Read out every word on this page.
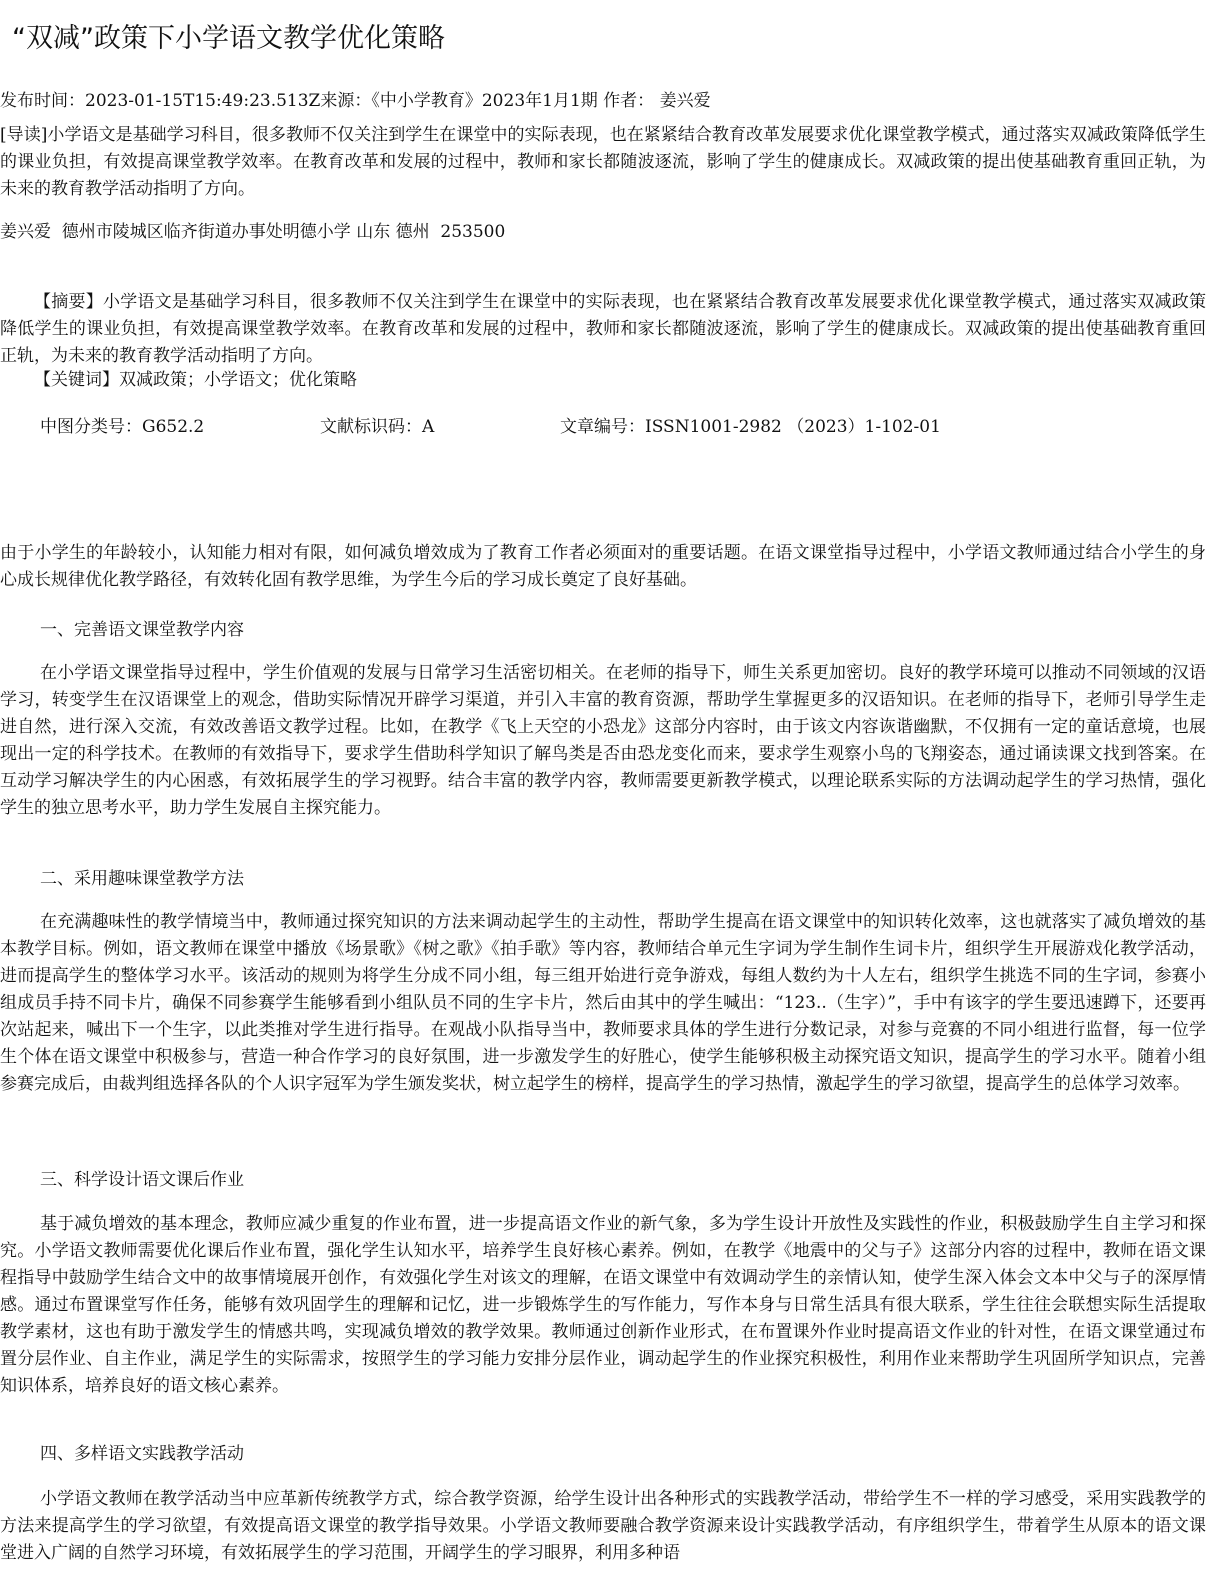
“双减”政策下小学语文教学优化策略
发布时间：2023-01-15T15:49:23.513Z来源：《中小学教育》2023年1月1期 作者： 姜兴爱

[导读]小学语文是基础学习科目，很多教师不仅关注到学生在课堂中的实际表现，也在紧紧结合教育改革发展要求优化课堂教学模式，通过落实双减政策降低学生的课业负担，有效提高课堂教学效率。在教育改革和发展的过程中，教师和家长都随波逐流，影响了学生的健康成长。双减政策的提出使基础教育重回正轨，为未来的教育教学活动指明了方向。

姜兴爱  德州市陵城区临齐街道办事处明德小学 山东 德州  253500

【摘要】小学语文是基础学习科目，很多教师不仅关注到学生在课堂中的实际表现，也在紧紧结合教育改革发展要求优化课堂教学模式，通过落实双减政策降低学生的课业负担，有效提高课堂教学效率。在教育改革和发展的过程中，教师和家长都随波逐流，影响了学生的健康成长。双减政策的提出使基础教育重回正轨，为未来的教育教学活动指明了方向。

【关键词】双减政策；小学语文；优化策略
中图分类号：G652.2	文献标识码：A	文章编号：ISSN1001-2982 （2023）1-102-01

由于小学生的年龄较小，认知能力相对有限，如何减负增效成为了教育工作者必须面对的重要话题。在语文课堂指导过程中，小学语文教师通过结合小学生的身心成长规律优化教学路径，有效转化固有教学思维，为学生今后的学习成长奠定了良好基础。

一、完善语文课堂教学内容

在小学语文课堂指导过程中，学生价值观的发展与日常学习生活密切相关。在老师的指导下，师生关系更加密切。良好的教学环境可以推动不同领域的汉语学习，转变学生在汉语课堂上的观念，借助实际情况开辟学习渠道，并引入丰富的教育资源，帮助学生掌握更多的汉语知识。在老师的指导下，老师引导学生走进自然，进行深入交流，有效改善语文教学过程。比如，在教学《飞上天空的小恐龙》这部分内容时，由于该文内容诙谐幽默，不仅拥有一定的童话意境，也展现出一定的科学技术。在教师的有效指导下，要求学生借助科学知识了解鸟类是否由恐龙变化而来，要求学生观察小鸟的飞翔姿态，通过诵读课文找到答案。在互动学习解决学生的内心困惑，有效拓展学生的学习视野。结合丰富的教学内容，教师需要更新教学模式，以理论联系实际的方法调动起学生的学习热情，强化学生的独立思考水平，助力学生发展自主探究能力。

二、采用趣味课堂教学方法

在充满趣味性的教学情境当中，教师通过探究知识的方法来调动起学生的主动性，帮助学生提高在语文课堂中的知识转化效率，这也就落实了减负增效的基本教学目标。例如，语文教师在课堂中播放《场景歌》《树之歌》《拍手歌》等内容，教师结合单元生字词为学生制作生词卡片，组织学生开展游戏化教学活动，进而提高学生的整体学习水平。该活动的规则为将学生分成不同小组，每三组开始进行竞争游戏，每组人数约为十人左右，组织学生挑选不同的生字词，参赛小组成员手持不同卡片，确保不同参赛学生能够看到小组队员不同的生字卡片，然后由其中的学生喊出：“123..（生字）”，手中有该字的学生要迅速蹲下，还要再次站起来，喊出下一个生字，以此类推对学生进行指导。在观战小队指导当中，教师要求具体的学生进行分数记录，对参与竞赛的不同小组进行监督，每一位学生个体在语文课堂中积极参与，营造一种合作学习的良好氛围，进一步激发学生的好胜心，使学生能够积极主动探究语文知识，提高学生的学习水平。随着小组参赛完成后，由裁判组选择各队的个人识字冠军为学生颁发奖状，树立起学生的榜样，提高学生的学习热情，激起学生的学习欲望，提高学生的总体学习效率。

三、科学设计语文课后作业

基于减负增效的基本理念，教师应减少重复的作业布置，进一步提高语文作业的新气象，多为学生设计开放性及实践性的作业，积极鼓励学生自主学习和探究。小学语文教师需要优化课后作业布置，强化学生认知水平，培养学生良好核心素养。例如，在教学《地震中的父与子》这部分内容的过程中，教师在语文课程指导中鼓励学生结合文中的故事情境展开创作，有效强化学生对该文的理解，在语文课堂中有效调动学生的亲情认知，使学生深入体会文本中父与子的深厚情感。通过布置课堂写作任务，能够有效巩固学生的理解和记忆，进一步锻炼学生的写作能力，写作本身与日常生活具有很大联系，学生往往会联想实际生活提取教学素材，这也有助于激发学生的情感共鸣，实现减负增效的教学效果。教师通过创新作业形式，在布置课外作业时提高语文作业的针对性，在语文课堂通过布置分层作业、自主作业，满足学生的实际需求，按照学生的学习能力安排分层作业，调动起学生的作业探究积极性，利用作业来帮助学生巩固所学知识点，完善知识体系，培养良好的语文核心素养。

四、多样语文实践教学活动

小学语文教师在教学活动当中应革新传统教学方式，综合教学资源，给学生设计出各种形式的实践教学活动，带给学生不一样的学习感受，采用实践教学的方法来提高学生的学习欲望，有效提高语文课堂的教学指导效果。小学语文教师要融合教学资源来设计实践教学活动，有序组织学生，带着学生从原本的语文课堂进入广阔的自然学习环境，有效拓展学生的学习范围，开阔学生的学习眼界，利用多种语
